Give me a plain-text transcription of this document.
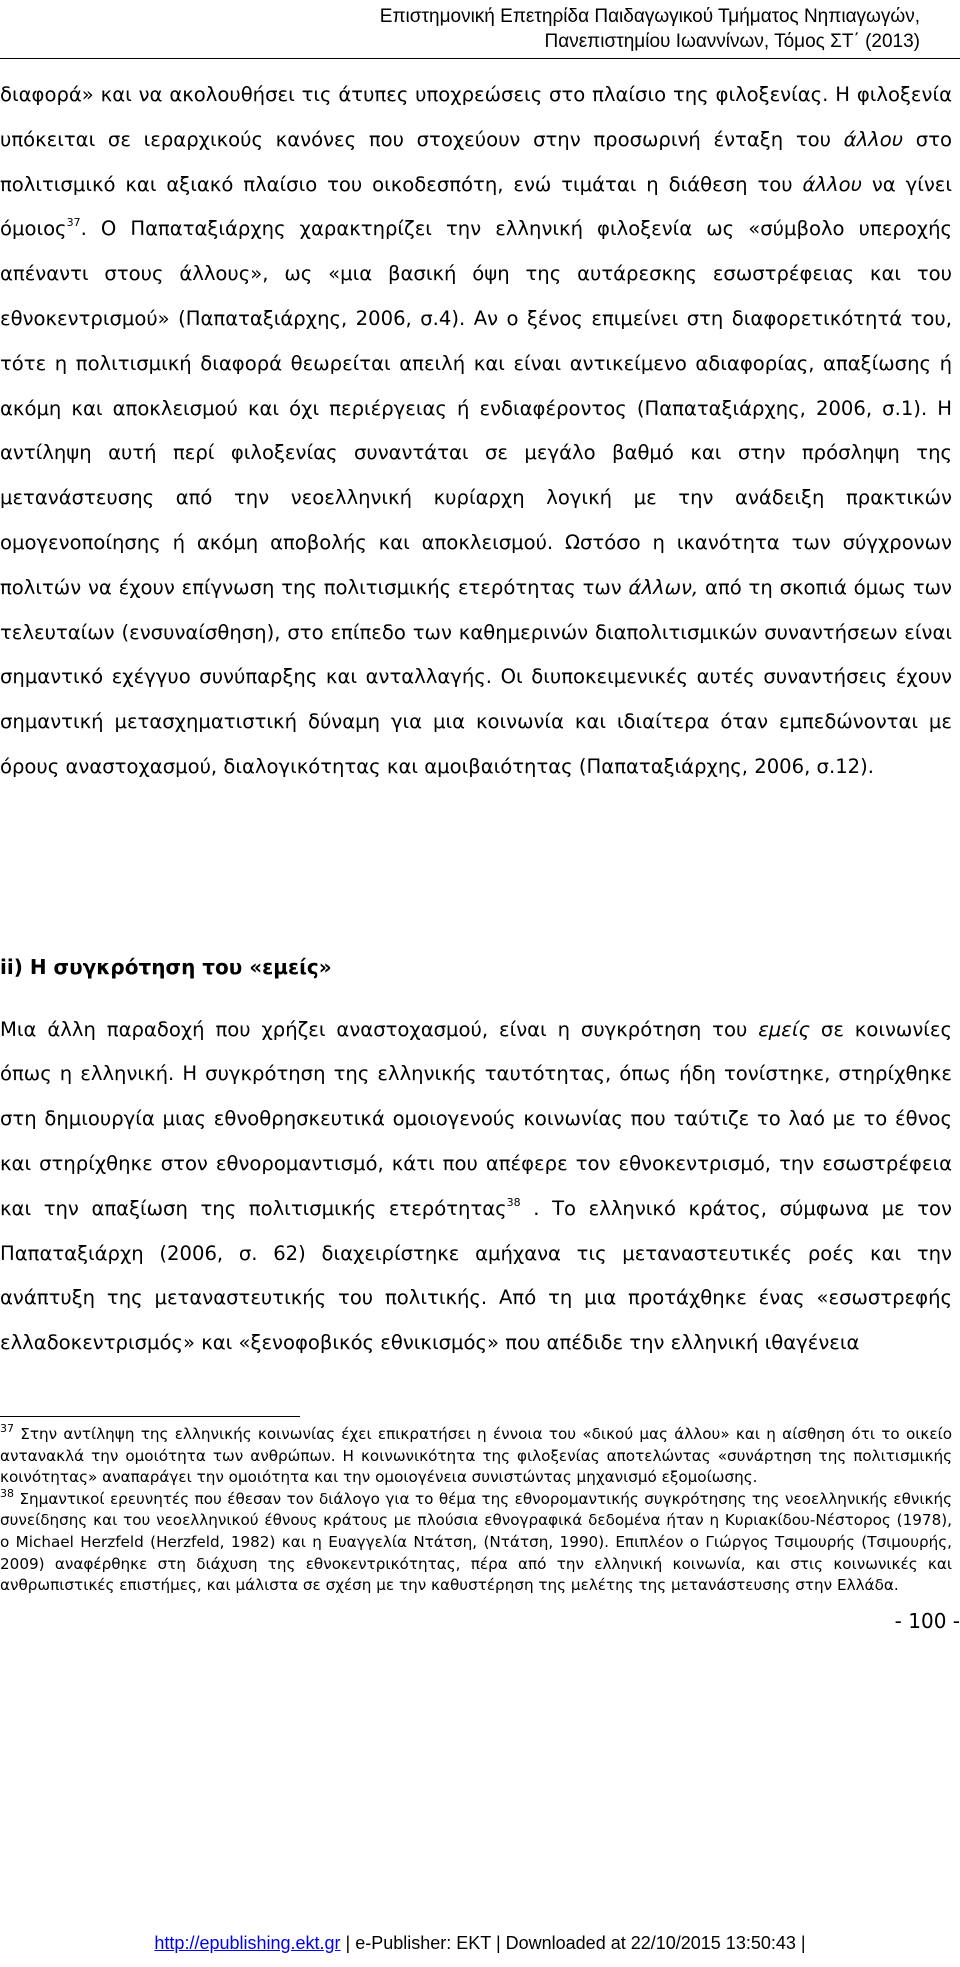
Επιστημονική Επετηρίδα Παιδαγωγικού Τμήματος Νηπιαγωγών,
Πανεπιστημίου Ιωαννίνων, Τόμος ΣΤ΄ (2013)

διαφορά» και να ακολουθήσει τις άτυπες υποχρεώσεις στο πλαίσιο της φιλοξενίας. Η φιλοξενία υπόκειται σε ιεραρχικούς κανόνες που στοχεύουν στην προσωρινή ένταξη του άλλου στο πολιτισμικό και αξιακό πλαίσιο του οικοδεσπότη, ενώ τιμάται η διάθεση του άλλου να γίνει όμοιος$^{37}$. Ο Παπαταξιάρχης χαρακτηρίζει την ελληνική φιλοξενία ως «σύμβολο υπεροχής απέναντι στους άλλους», ως «μια βασική όψη της αυτάρεσκης εσωστρέφειας και του εθνοκεντρισμού» (Παπαταξιάρχης, 2006, σ.4). Αν ο ξένος επιμείνει στη διαφορετικότητά του, τότε η πολιτισμική διαφορά θεωρείται απειλή και είναι αντικείμενο αδιαφορίας, απαξίωσης ή ακόμη και αποκλεισμού και όχι περιέργειας ή ενδιαφέροντος (Παπαταξιάρχης, 2006, σ.1). Η αντίληψη αυτή περί φιλοξενίας συναντάται σε μεγάλο βαθμό και στην πρόσληψη της μετανάστευσης από την νεοελληνική κυρίαρχη λογική με την ανάδειξη πρακτικών ομογενοποίησης ή ακόμη αποβολής και αποκλεισμού. Ωστόσο η ικανότητα των σύγχρονων πολιτών να έχουν επίγνωση της πολιτισμικής ετερότητας των άλλων, από τη σκοπιά όμως των τελευταίων (ενσυναίσθηση), στο επίπεδο των καθημερινών διαπολιτισμικών συναντήσεων είναι σημαντικό εχέγγυο συνύπαρξης και ανταλλαγής. Οι διυποκειμενικές αυτές συναντήσεις έχουν σημαντική μετασχηματιστική δύναμη για μια κοινωνία και ιδιαίτερα όταν εμπεδώνονται με όρους αναστοχασμού, διαλογικότητας και αμοιβαιότητας (Παπαταξιάρχης, 2006, σ.12).

ii) Η συγκρότηση του «εμείς»

Μια άλλη παραδοχή που χρήζει αναστοχασμού, είναι η συγκρότηση του εμείς σε κοινωνίες όπως η ελληνική. Η συγκρότηση της ελληνικής ταυτότητας, όπως ήδη τονίστηκε, στηρίχθηκε στη δημιουργία μιας εθνοθρησκευτικά ομοιογενούς κοινωνίας που ταύτιζε το λαό με το έθνος και στηρίχθηκε στον εθνορομαντισμό, κάτι που απέφερε τον εθνοκεντρισμό, την εσωστρέφεια και την απαξίωση της πολιτισμικής ετερότητας$^{38}$ . Το ελληνικό κράτος, σύμφωνα με τον Παπαταξιάρχη (2006, σ. 62) διαχειρίστηκε αμήχανα τις μεταναστευτικές ροές και την ανάπτυξη της μεταναστευτικής του πολιτικής. Από τη μια προτάχθηκε ένας «εσωστρεφής ελλαδοκεντρισμός» και «ξενοφοβικός εθνικισμός» που απέδιδε την ελληνική ιθαγένεια

$^{37}$ Στην αντίληψη της ελληνικής κοινωνίας έχει επικρατήσει η έννοια του «δικού μας άλλου» και η αίσθηση ότι το οικείο αντανακλά την ομοιότητα των ανθρώπων. Η κοινωνικότητα της φιλοξενίας αποτελώντας «συνάρτηση της πολιτισμικής κοινότητας» αναπαράγει την ομοιότητα και την ομοιογένεια συνιστώντας μηχανισμό εξομοίωσης.

$^{38}$ Σημαντικοί ερευνητές που έθεσαν τον διάλογο για το θέμα της εθνορομαντικής συγκρότησης της νεοελληνικής εθνικής συνείδησης και του νεοελληνικού έθνους κράτους με πλούσια εθνογραφικά δεδομένα ήταν η Κυριακίδου-Νέστορος (1978), ο Michael Herzfeld (Herzfeld, 1982) και η Ευαγγελία Ντάτση, (Ντάτση, 1990). Επιπλέον ο Γιώργος Τσιμουρής (Τσιμουρής, 2009) αναφέρθηκε στη διάχυση της εθνοκεντρικότητας, πέρα από την ελληνική κοινωνία, και στις κοινωνικές και ανθρωπιστικές επιστήμες, και μάλιστα σε σχέση με την καθυστέρηση της μελέτης της μετανάστευσης στην Ελλάδα.

- 100 -
http://epublishing.ekt.gr | e-Publisher: EKT | Downloaded at 22/10/2015 13:50:43 |
